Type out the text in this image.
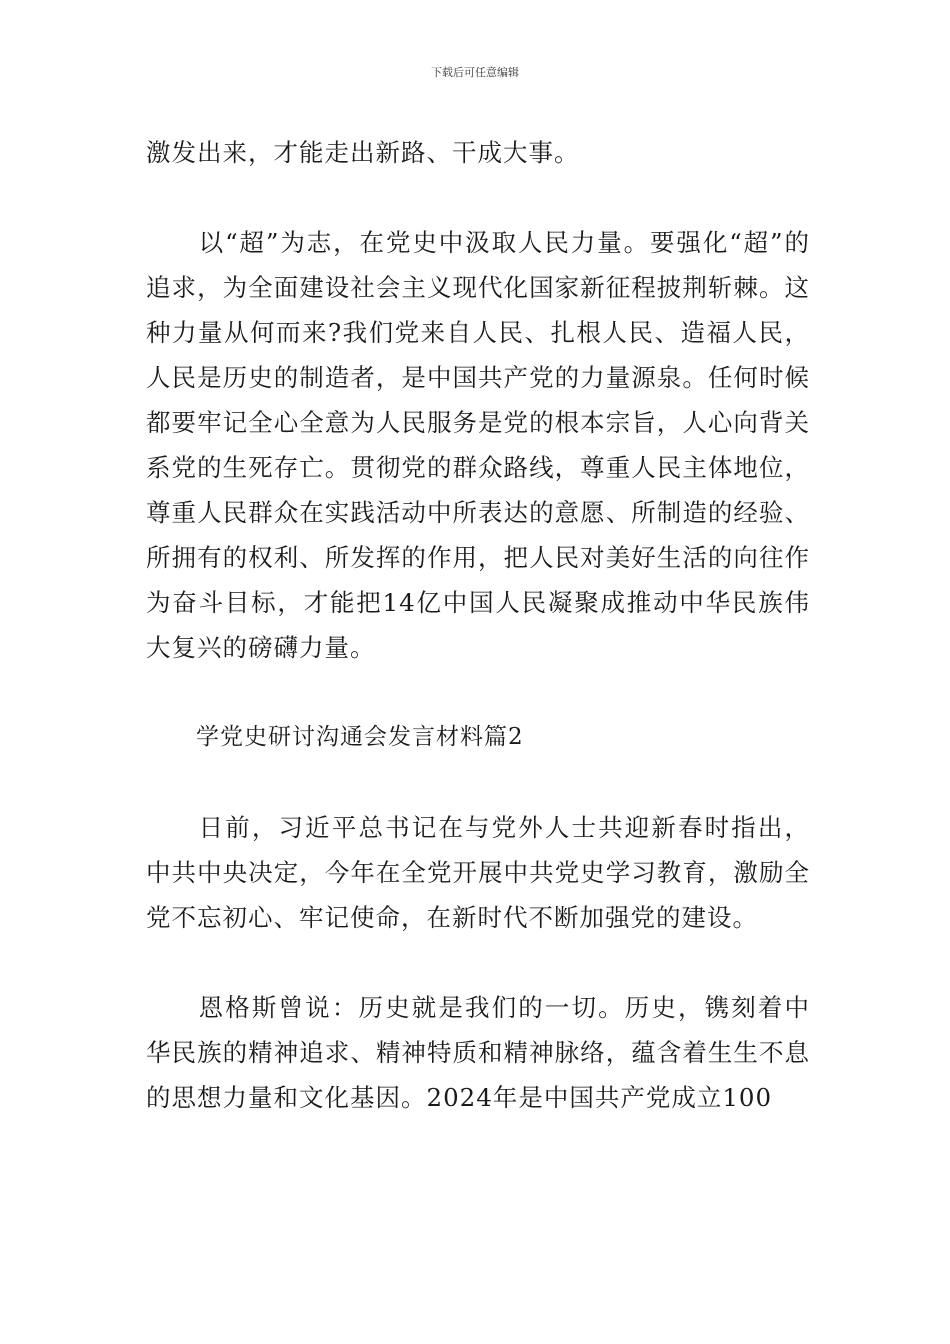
下载后可任意编辑

激发出来，才能走出新路、干成大事。

以“超”为志，在党史中汲取人民力量。要强化“超”的追求，为全面建设社会主义现代化国家新征程披荆斩棘。这种力量从何而来?我们党来自人民、扎根人民、造福人民，人民是历史的制造者，是中国共产党的力量源泉。任何时候都要牢记全心全意为人民服务是党的根本宗旨，人心向背关系党的生死存亡。贯彻党的群众路线，尊重人民主体地位，尊重人民群众在实践活动中所表达的意愿、所制造的经验、所拥有的权利、所发挥的作用，把人民对美好生活的向往作为奋斗目标，才能把14亿中国人民凝聚成推动中华民族伟大复兴的磅礴力量。

学党史研讨沟通会发言材料篇2

日前，习近平总书记在与党外人士共迎新春时指出，中共中央决定，今年在全党开展中共党史学习教育，激励全党不忘初心、牢记使命，在新时代不断加强党的建设。

恩格斯曾说：历史就是我们的一切。历史，镌刻着中华民族的精神追求、精神特质和精神脉络，蕴含着生生不息的思想力量和文化基因。2024年是中国共产党成立100
